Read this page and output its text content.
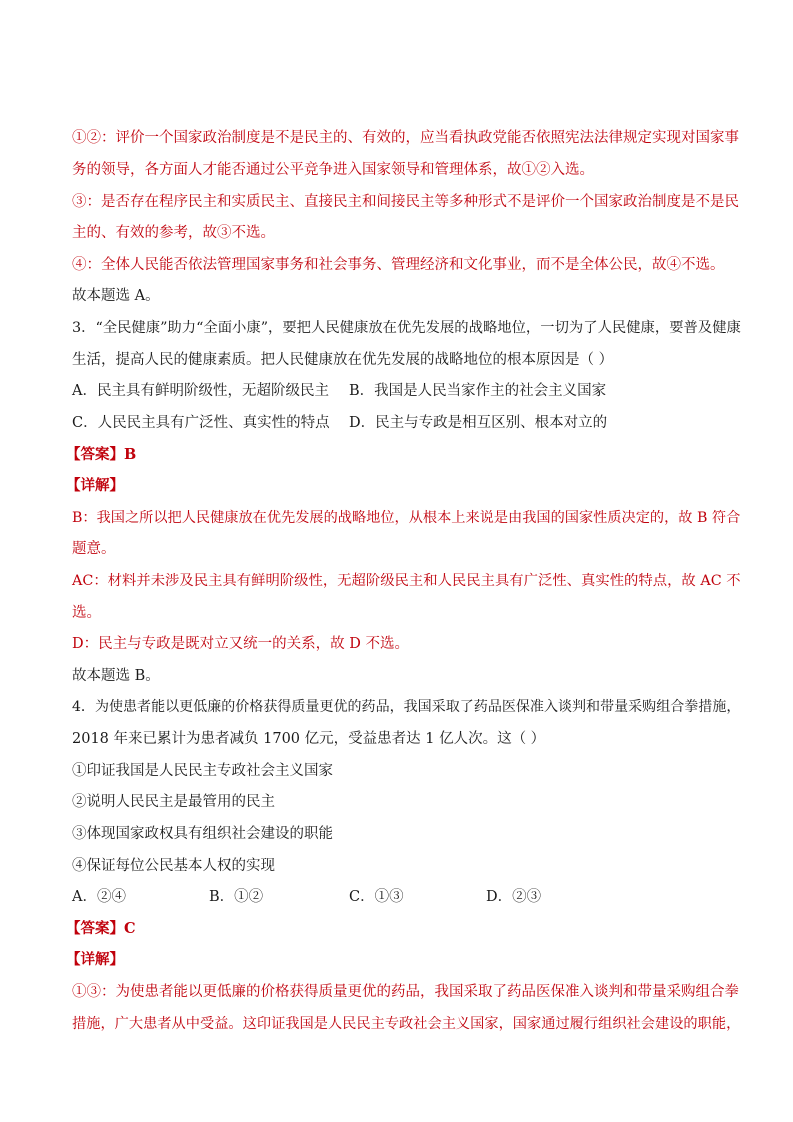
①②：评价一个国家政治制度是不是民主的、有效的，应当看执政党能否依照宪法法律规定实现对国家事
务的领导，各方面人才能否通过公平竞争进入国家领导和管理体系，故①②入选。
③：是否存在程序民主和实质民主、直接民主和间接民主等多种形式不是评价一个国家政治制度是不是民
主的、有效的参考，故③不选。
④：全体人民能否依法管理国家事务和社会事务、管理经济和文化事业，而不是全体公民，故④不选。
故本题选 A。
3．“全民健康”助力“全面小康”，要把人民健康放在优先发展的战略地位，一切为了人民健康，要普及健康
生活，提高人民的健康素质。把人民健康放在优先发展的战略地位的根本原因是（ ）
A．民主具有鲜明阶级性，无超阶级民主 B．我国是人民当家作主的社会主义国家
C．人民民主具有广泛性、真实性的特点 D．民主与专政是相互区别、根本对立的
【答案】B
【详解】
B：我国之所以把人民健康放在优先发展的战略地位，从根本上来说是由我国的国家性质决定的，故 B 符合
题意。
AC：材料并未涉及民主具有鲜明阶级性，无超阶级民主和人民民主具有广泛性、真实性的特点，故 AC 不
选。
D：民主与专政是既对立又统一的关系，故 D 不选。
故本题选 B。
4．为使患者能以更低廉的价格获得质量更优的药品，我国采取了药品医保准入谈判和带量采购组合拳措施，
2018 年来已累计为患者减负 1700 亿元，受益患者达 1 亿人次。这（ ）
①印证我国是人民民主专政社会主义国家
②说明人民民主是最管用的民主
③体现国家政权具有组织社会建设的职能
④保证每位公民基本人权的实现
A．②④	B．①②	C．①③	D．②③
【答案】C
【详解】
①③：为使患者能以更低廉的价格获得质量更优的药品，我国采取了药品医保准入谈判和带量采购组合拳
措施，广大患者从中受益。这印证我国是人民民主专政社会主义国家，国家通过履行组织社会建设的职能，
